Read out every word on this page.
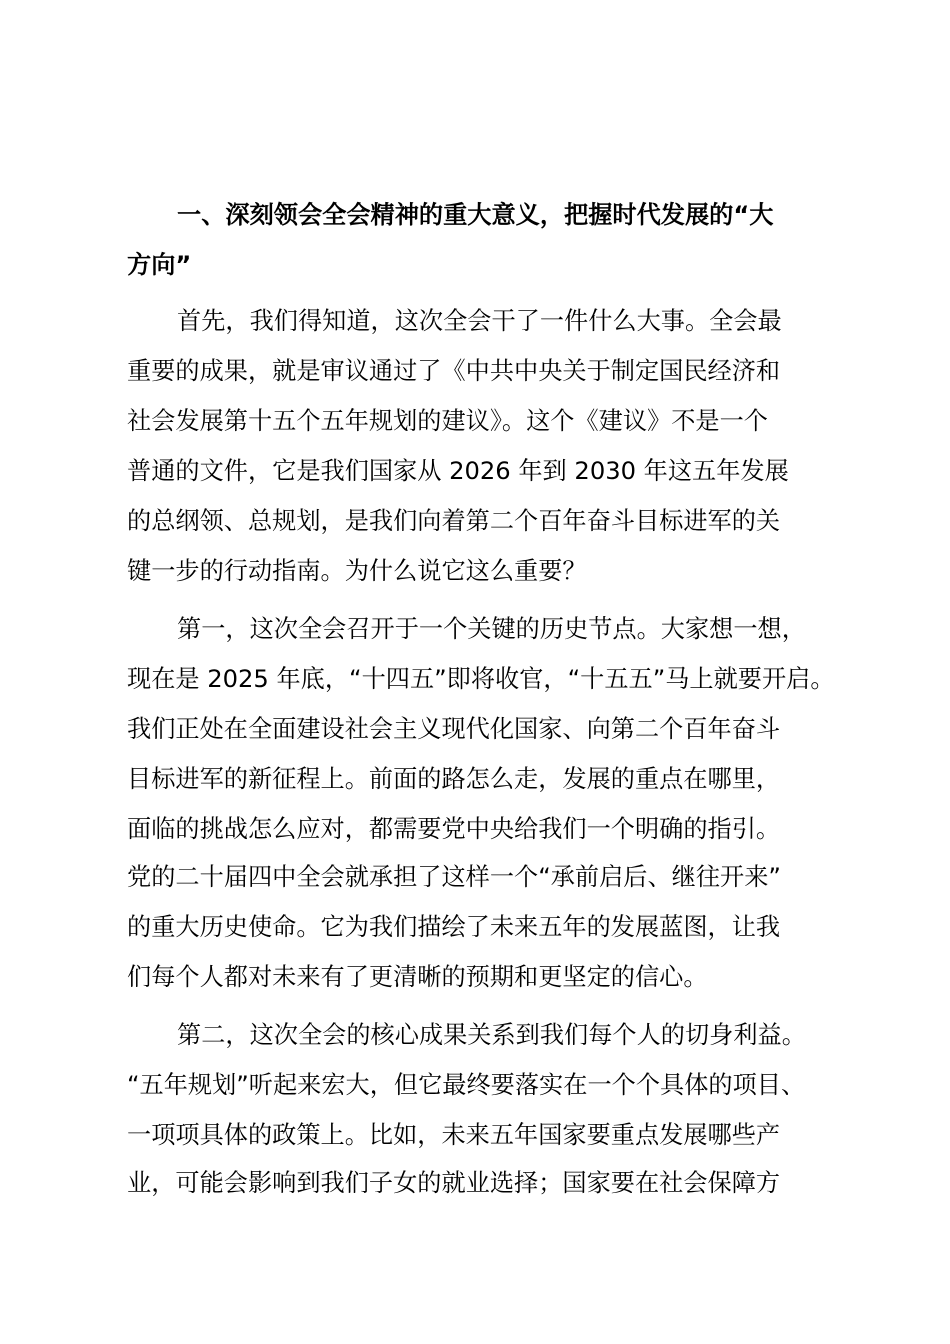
一、深刻领会全会精神的重大意义，把握时代发展的“大
方向”
首先，我们得知道，这次全会干了一件什么大事。全会最
重要的成果，就是审议通过了《中共中央关于制定国民经济和
社会发展第十五个五年规划的建议》。这个《建议》不是一个
普通的文件，它是我们国家从 2026 年到 2030 年这五年发展
的总纲领、总规划，是我们向着第二个百年奋斗目标进军的关
键一步的行动指南。为什么说它这么重要？
第一，这次全会召开于一个关键的历史节点。大家想一想，
现在是 2025 年底，“十四五”即将收官，“十五五”马上就要开启。
我们正处在全面建设社会主义现代化国家、向第二个百年奋斗
目标进军的新征程上。前面的路怎么走，发展的重点在哪里，
面临的挑战怎么应对，都需要党中央给我们一个明确的指引。
党的二十届四中全会就承担了这样一个“承前启后、继往开来”
的重大历史使命。它为我们描绘了未来五年的发展蓝图，让我
们每个人都对未来有了更清晰的预期和更坚定的信心。
第二，这次全会的核心成果关系到我们每个人的切身利益。
“五年规划”听起来宏大，但它最终要落实在一个个具体的项目、
一项项具体的政策上。比如，未来五年国家要重点发展哪些产
业，可能会影响到我们子女的就业选择；国家要在社会保障方
